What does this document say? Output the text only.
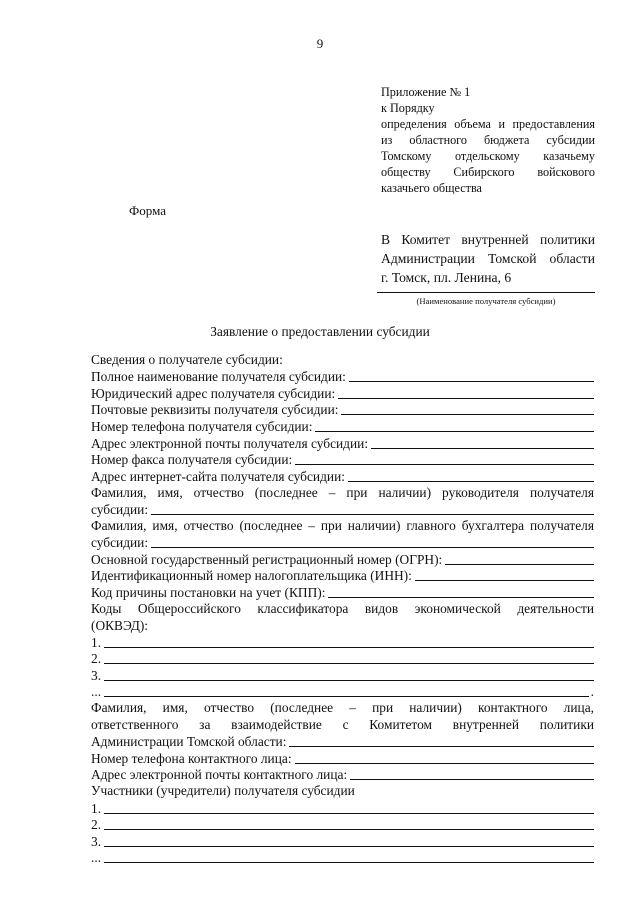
9
Приложение № 1
к Порядку
определения объема и предоставления
из областного бюджета субсидии
Томскому отдельскому казачьему
обществу Сибирского войскового
казачьего общества
Форма
В Комитет внутренней политики
Администрации Томской области
г. Томск, пл. Ленина, 6
(Наименование получателя субсидии)
Заявление о предоставлении субсидии
Сведения о получателе субсидии:
Полное наименование получателя субсидии:
Юридический адрес получателя субсидии:
Почтовые реквизиты получателя субсидии:
Номер телефона получателя субсидии:
Адрес электронной почты получателя субсидии:
Номер факса получателя субсидии:
Адрес интернет-сайта получателя субсидии:
Фамилия, имя, отчество (последнее – при наличии) руководителя получателя
субсидии:
Фамилия, имя, отчество (последнее – при наличии) главного бухгалтера получателя
субсидии:
Основной государственный регистрационный номер (ОГРН):
Идентификационный номер налогоплательщика (ИНН):
Код причины постановки на учет (КПП):
Коды Общероссийского классификатора видов экономической деятельности
(ОКВЭД):
1.
2.
3.
...	.
Фамилия, имя, отчество (последнее – при наличии) контактного лица,
ответственного за взаимодействие с Комитетом внутренней политики
Администрации Томской области:
Номер телефона контактного лица:
Адрес электронной почты контактного лица:
Участники (учредители) получателя субсидии
1.
2.
3.
...
